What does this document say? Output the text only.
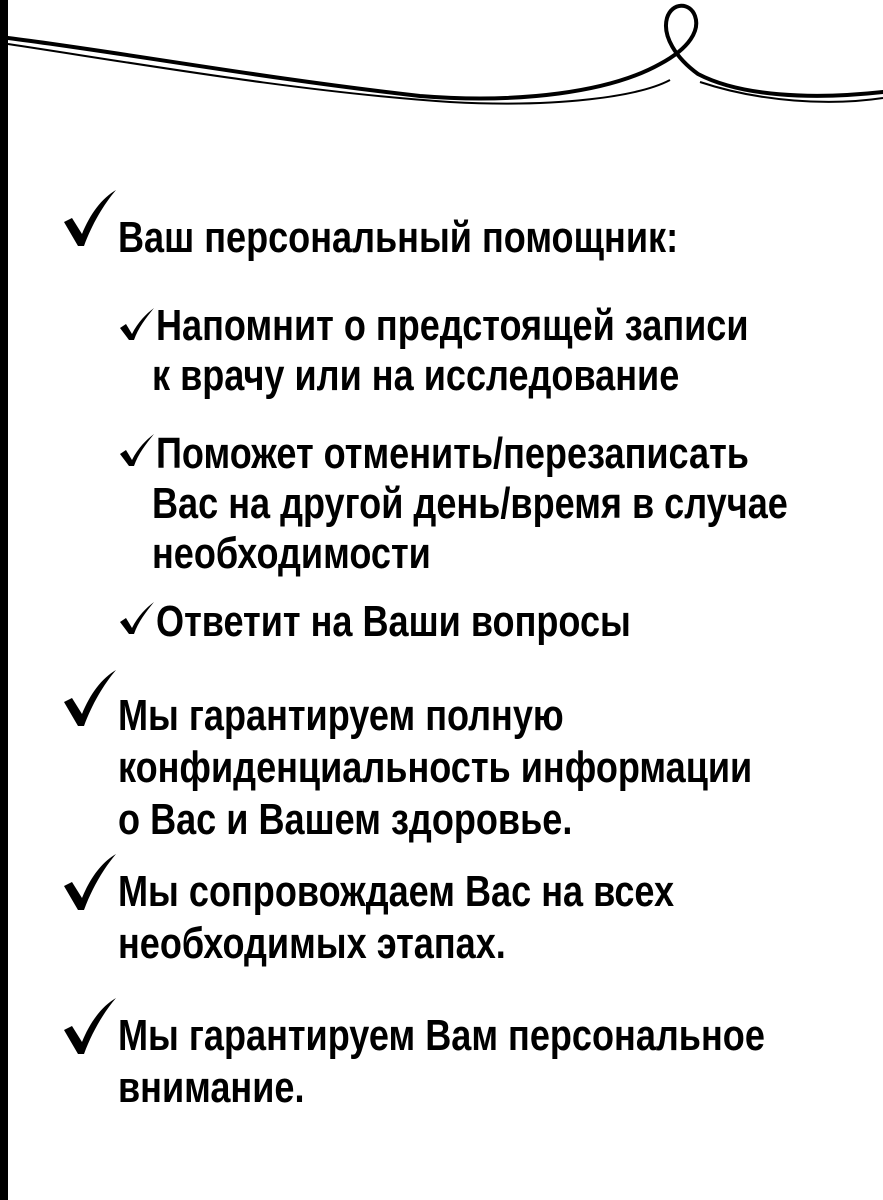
Ваш персональный помощник:
Напомнит о предстоящей записи
к врачу или на исследование
Поможет отменить/перезаписать
Вас на другой день/время в случае
необходимости
Ответит на Ваши вопросы
Мы гарантируем полную
конфиденциальность информации
о Вас и Вашем здоровье.
Мы сопровождаем Вас на всех
необходимых этапах.
Мы гарантируем Вам персональное
внимание.
